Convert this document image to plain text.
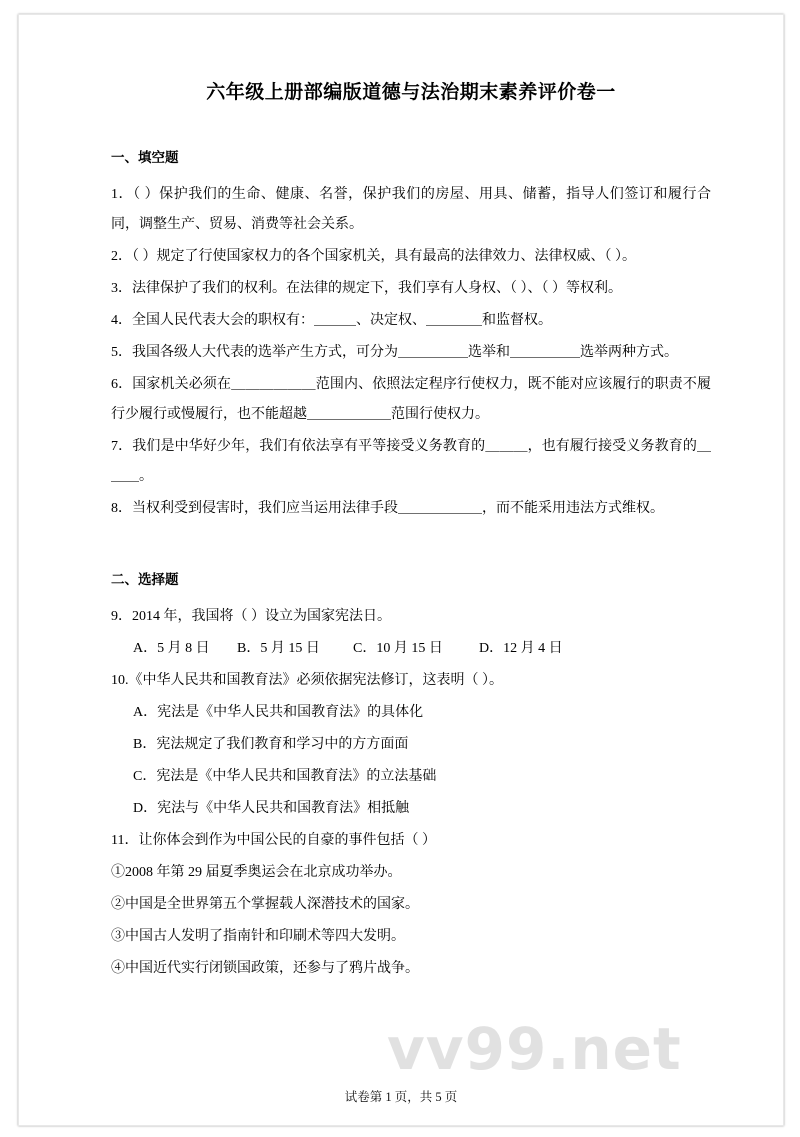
六年级上册部编版道德与法治期末素养评价卷一
一、填空题
1．（ ）保护我们的生命、健康、名誉，保护我们的房屋、用具、储蓄，指导人们签订和履行合同，调整生产、贸易、消费等社会关系。
2．（ ）规定了行使国家权力的各个国家机关，具有最高的法律效力、法律权威、（ ）。
3．法律保护了我们的权利。在法律的规定下，我们享有人身权、（ ）、（ ）等权利。
4．全国人民代表大会的职权有：＿＿＿、决定权、＿＿＿＿和监督权。
5．我国各级人大代表的选举产生方式，可分为＿＿＿＿＿选举和＿＿＿＿＿选举两种方式。
6．国家机关必须在＿＿＿＿＿＿范围内、依照法定程序行使权力，既不能对应该履行的职责不履行少履行或慢履行，也不能超越＿＿＿＿＿＿范围行使权力。
7．我们是中华好少年，我们有依法享有平等接受义务教育的＿＿＿，也有履行接受义务教育的＿＿＿。
8．当权利受到侵害时，我们应当运用法律手段＿＿＿＿＿＿，而不能采用违法方式维权。
二、选择题
9．2014 年，我国将（ ）设立为国家宪法日。
A．5 月 8 日	B．5 月 15 日	C．10 月 15 日	D．12 月 4 日
10.《中华人民共和国教育法》必须依据宪法修订，这表明（ ）。
A．宪法是《中华人民共和国教育法》的具体化
B．宪法规定了我们教育和学习中的方方面面
C．宪法是《中华人民共和国教育法》的立法基础
D．宪法与《中华人民共和国教育法》相抵触
11．让你体会到作为中国公民的自豪的事件包括（ ）
①2008 年第 29 届夏季奥运会在北京成功举办。
②中国是全世界第五个掌握载人深潜技术的国家。
③中国古人发明了指南针和印刷术等四大发明。
④中国近代实行闭锁国政策，还参与了鸦片战争。
vv99.net
试卷第 1 页，共 5 页
